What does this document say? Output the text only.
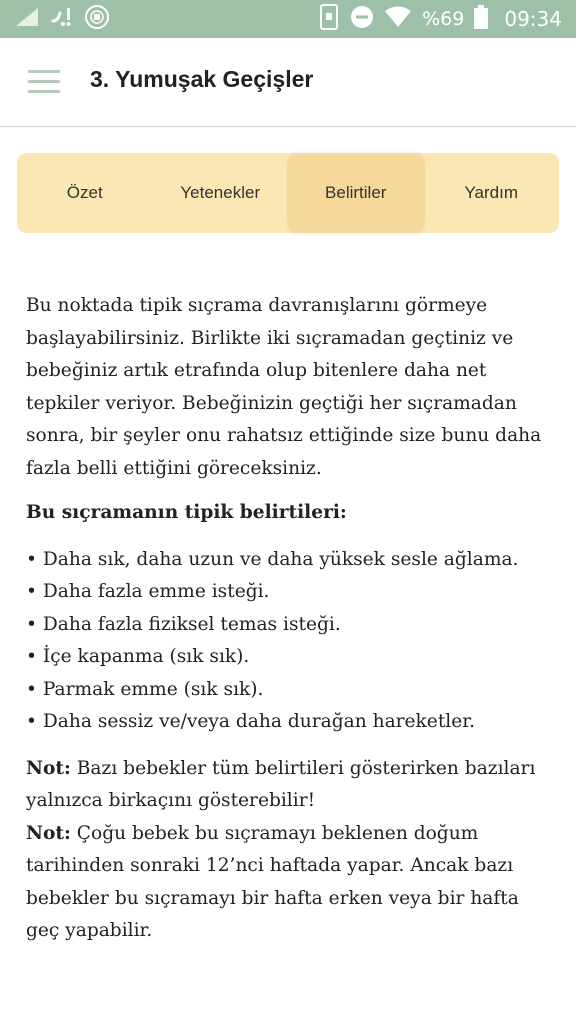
%69 09:34
3. Yumuşak Geçişler
Özet	Yetenekler	Belirtiler	Yardım

Bu noktada tipik sıçrama davranışlarını görmeye başlayabilirsiniz. Birlikte iki sıçramadan geçtiniz ve bebeğiniz artık etrafında olup bitenlere daha net tepkiler veriyor. Bebeğinizin geçtiği her sıçramadan sonra, bir şeyler onu rahatsız ettiğinde size bunu daha fazla belli ettiğini göreceksiniz.

Bu sıçramanın tipik belirtileri:

• Daha sık, daha uzun ve daha yüksek sesle ağlama.
• Daha fazla emme isteği.
• Daha fazla fiziksel temas isteği.
• İçe kapanma (sık sık).
• Parmak emme (sık sık).
• Daha sessiz ve/veya daha durağan hareketler.

Not: Bazı bebekler tüm belirtileri gösterirken bazıları yalnızca birkaçını gösterebilir!

Not: Çoğu bebek bu sıçramayı beklenen doğum tarihinden sonraki 12’nci haftada yapar. Ancak bazı bebekler bu sıçramayı bir hafta erken veya bir hafta geç yapabilir.
